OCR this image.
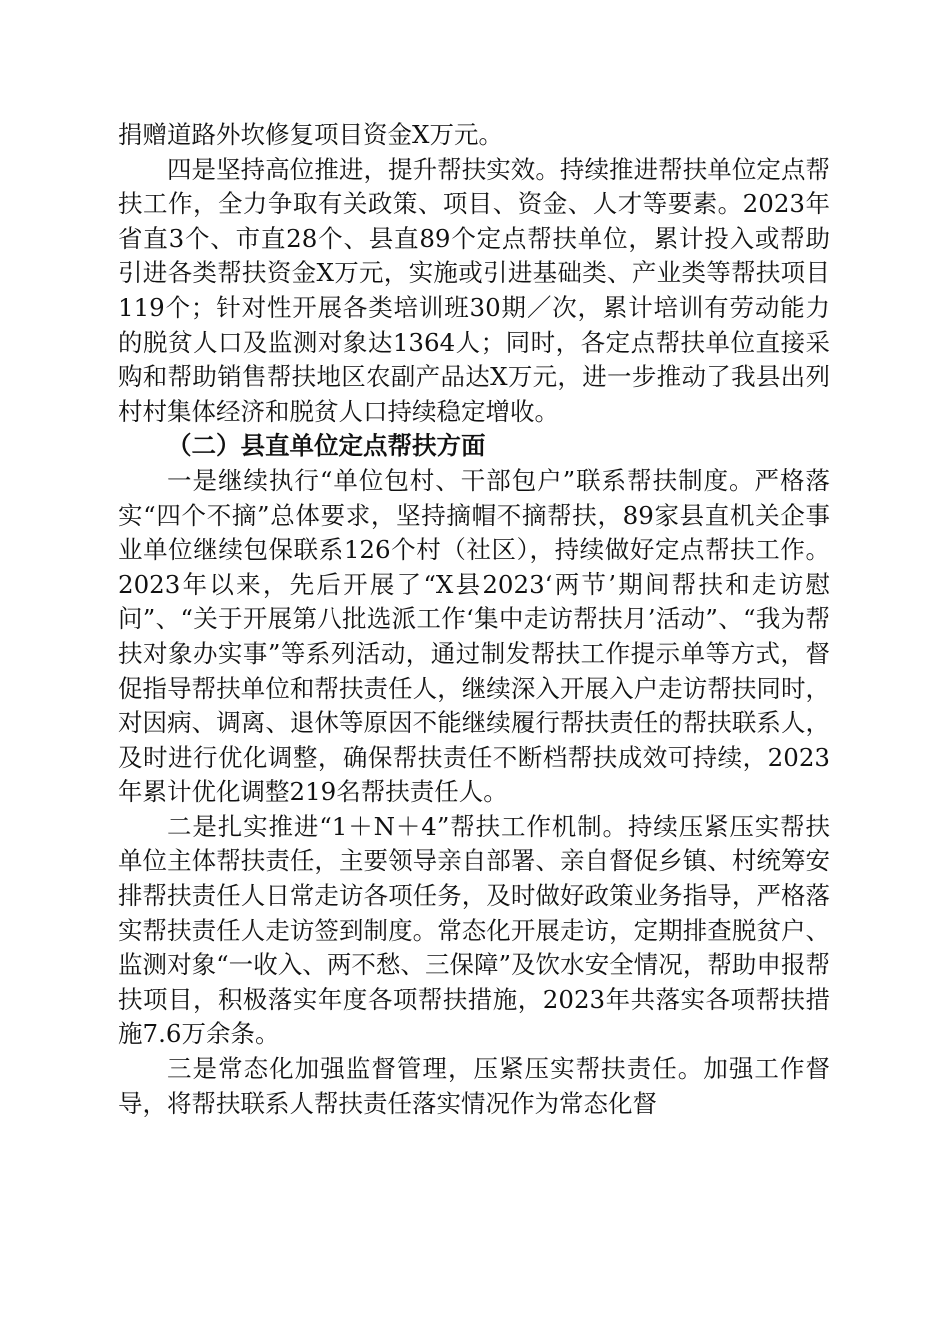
捐赠道路外坎修复项目资金X万元。

四是坚持高位推进，提升帮扶实效。持续推进帮扶单位定点帮扶工作，全力争取有关政策、项目、资金、人才等要素。2023年省直3个、市直28个、县直89个定点帮扶单位，累计投入或帮助引进各类帮扶资金X万元，实施或引进基础类、产业类等帮扶项目119个；针对性开展各类培训班30期／次，累计培训有劳动能力的脱贫人口及监测对象达1364人；同时，各定点帮扶单位直接采购和帮助销售帮扶地区农副产品达X万元，进一步推动了我县出列村村集体经济和脱贫人口持续稳定增收。

（二）县直单位定点帮扶方面

一是继续执行“单位包村、干部包户”联系帮扶制度。严格落实“四个不摘”总体要求，坚持摘帽不摘帮扶，89家县直机关企事业单位继续包保联系126个村（社区），持续做好定点帮扶工作。2023年以来，先后开展了“X县2023‘两节’期间帮扶和走访慰问”、“关于开展第八批选派工作‘集中走访帮扶月’活动”、“我为帮扶对象办实事”等系列活动，通过制发帮扶工作提示单等方式，督促指导帮扶单位和帮扶责任人，继续深入开展入户走访帮扶同时，对因病、调离、退休等原因不能继续履行帮扶责任的帮扶联系人，及时进行优化调整，确保帮扶责任不断档帮扶成效可持续，2023年累计优化调整219名帮扶责任人。

二是扎实推进“1＋N＋4”帮扶工作机制。持续压紧压实帮扶单位主体帮扶责任，主要领导亲自部署、亲自督促乡镇、村统筹安排帮扶责任人日常走访各项任务，及时做好政策业务指导，严格落实帮扶责任人走访签到制度。常态化开展走访，定期排查脱贫户、监测对象“一收入、两不愁、三保障”及饮水安全情况，帮助申报帮扶项目，积极落实年度各项帮扶措施，2023年共落实各项帮扶措施7.6万余条。

三是常态化加强监督管理，压紧压实帮扶责任。加强工作督导，将帮扶联系人帮扶责任落实情况作为常态化督
